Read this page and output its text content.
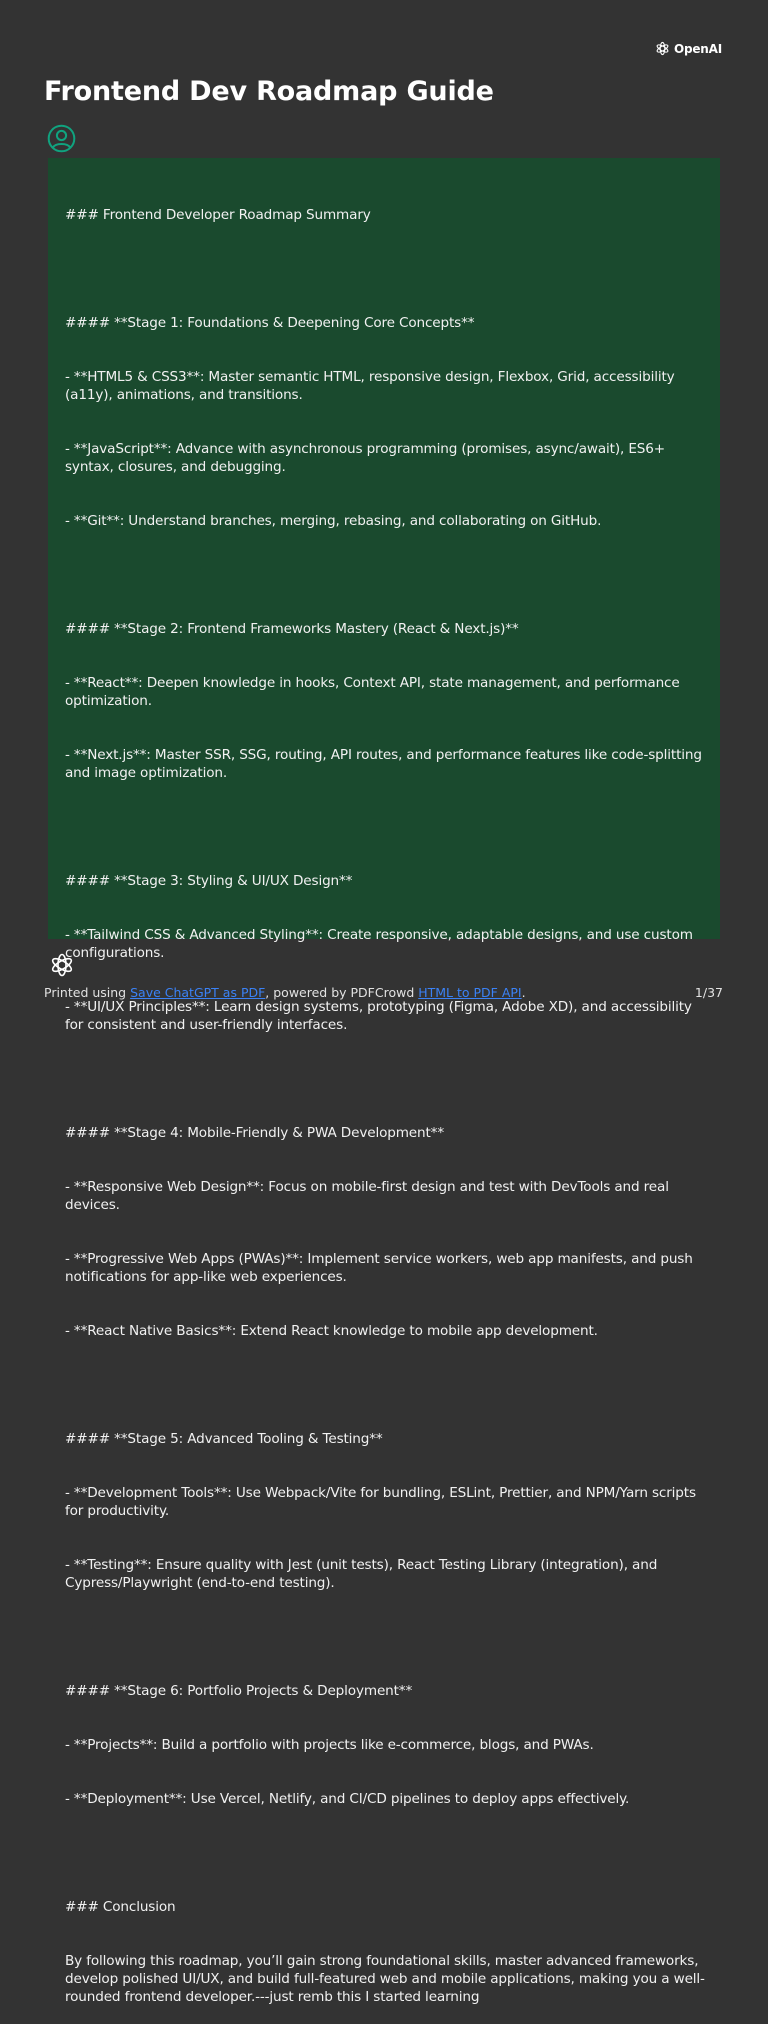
OpenAI
Frontend Dev Roadmap Guide

### Frontend Developer Roadmap Summary

#### **Stage 1: Foundations & Deepening Core Concepts**

- **HTML5 & CSS3**: Master semantic HTML, responsive design, Flexbox, Grid, accessibility (a11y), animations, and transitions.

- **JavaScript**: Advance with asynchronous programming (promises, async/await), ES6+ syntax, closures, and debugging.

- **Git**: Understand branches, merging, rebasing, and collaborating on GitHub.

#### **Stage 2: Frontend Frameworks Mastery (React & Next.js)**

- **React**: Deepen knowledge in hooks, Context API, state management, and performance optimization.

- **Next.js**: Master SSR, SSG, routing, API routes, and performance features like code-splitting and image optimization.

#### **Stage 3: Styling & UI/UX Design**

- **Tailwind CSS & Advanced Styling**: Create responsive, adaptable designs, and use custom configurations.

- **UI/UX Principles**: Learn design systems, prototyping (Figma, Adobe XD), and accessibility for consistent and user-friendly interfaces.

#### **Stage 4: Mobile-Friendly & PWA Development**

- **Responsive Web Design**: Focus on mobile-first design and test with DevTools and real devices.

- **Progressive Web Apps (PWAs)**: Implement service workers, web app manifests, and push notifications for app-like web experiences.

- **React Native Basics**: Extend React knowledge to mobile app development.

#### **Stage 5: Advanced Tooling & Testing**

- **Development Tools**: Use Webpack/Vite for bundling, ESLint, Prettier, and NPM/Yarn scripts for productivity.

- **Testing**: Ensure quality with Jest (unit tests), React Testing Library (integration), and Cypress/Playwright (end-to-end testing).

#### **Stage 6: Portfolio Projects & Deployment**

- **Projects**: Build a portfolio with projects like e-commerce, blogs, and PWAs.

- **Deployment**: Use Vercel, Netlify, and CI/CD pipelines to deploy apps effectively.

### Conclusion

By following this roadmap, you’ll gain strong foundational skills, master advanced frameworks, develop polished UI/UX, and build full-featured web and mobile applications, making you a well-rounded frontend developer.---just remb this I started learning

Printed using Save ChatGPT as PDF, powered by PDFCrowd HTML to PDF API.	1/37
